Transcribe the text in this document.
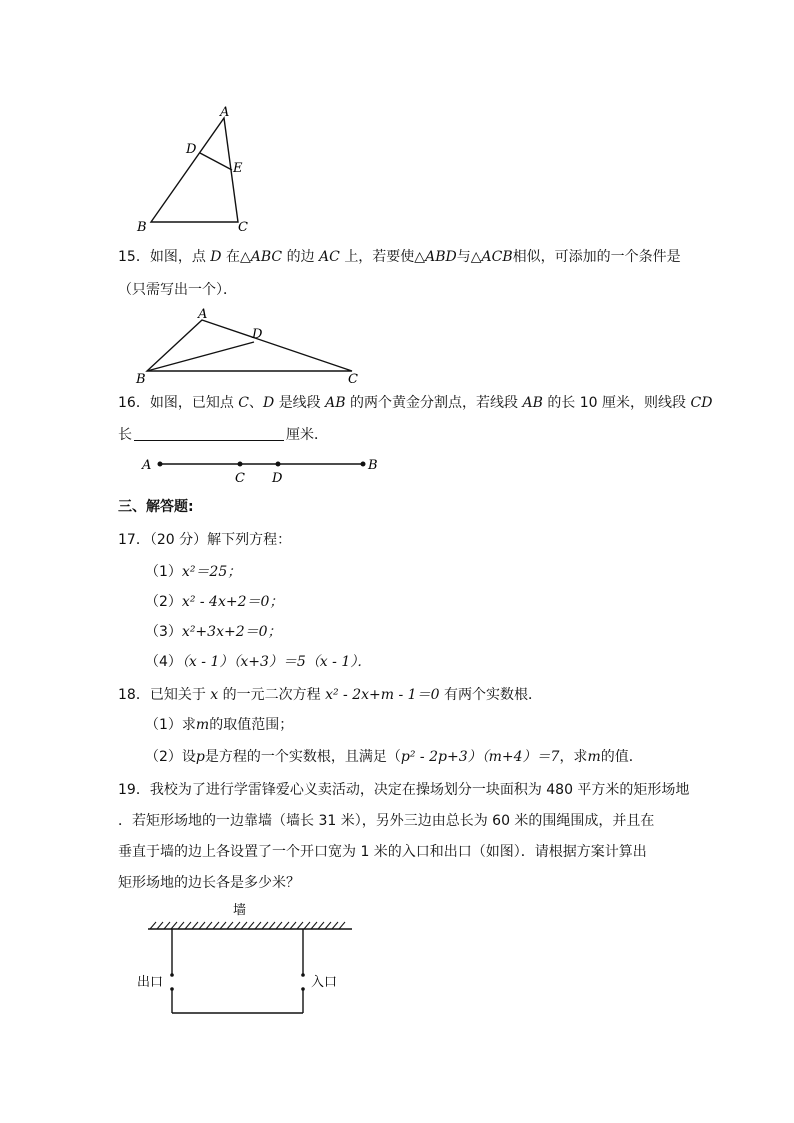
A
D
E
B	C
15．如图，点 D 在△ABC 的边 AC 上，若要使△ABD与△ACB相似，可添加的一个条件是
（只需写出一个）．
A
D
B	C
16．如图，已知点 C、D 是线段 AB 的两个黄金分割点，若线段 AB 的长 10 厘米，则线段 CD
长	厘米．
A	B
C D
三、解答题:
17．（20 分）解下列方程：
（1）x²＝25；
（2）x² - 4x+2＝0；
（3）x²+3x+2＝0；
（4）（x - 1）（x+3）＝5（x - 1）．
18．已知关于 x 的一元二次方程 x² - 2x+m - 1＝0 有两个实数根．
（1）求m的取值范围；
（2）设p是方程的一个实数根，且满足（p² - 2p+3）（m+4）＝7，求m的值．
19．我校为了进行学雷锋爱心义卖活动，决定在操场划分一块面积为 480 平方米的矩形场地
．若矩形场地的一边靠墙（墙长 31 米），另外三边由总长为 60 米的围绳围成，并且在
垂直于墙的边上各设置了一个开口宽为 1 米的入口和出口（如图）．请根据方案计算出
矩形场地的边长各是多少米？
墙
出口	入口
